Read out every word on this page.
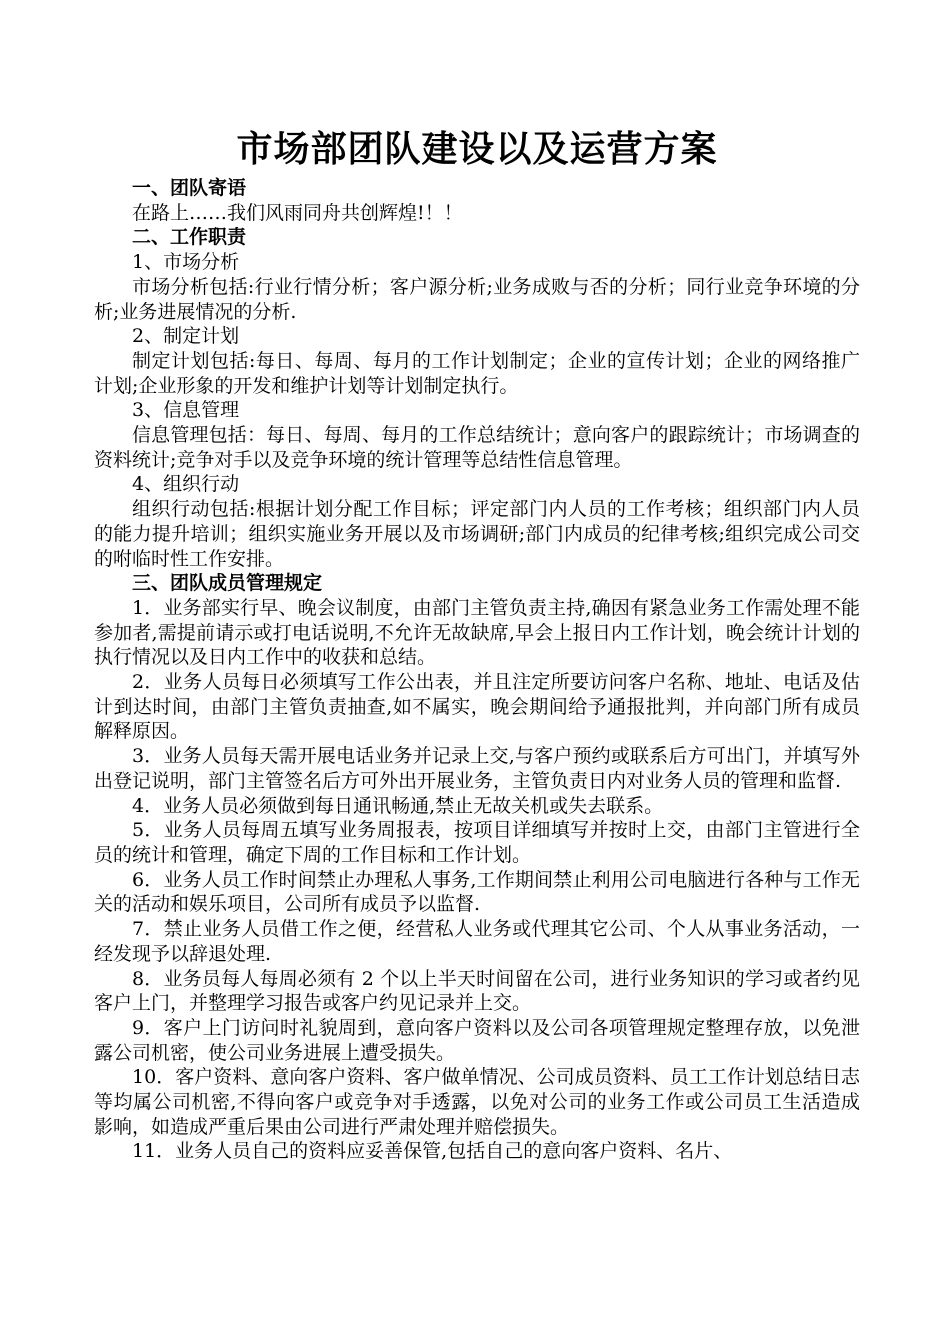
市场部团队建设以及运营方案

一、团队寄语

在路上……我们风雨同舟共创辉煌!！！

二、工作职责

1、市场分析

市场分析包括:行业行情分析；客户源分析;业务成败与否的分析；同行业竞争环境的分析;业务进展情况的分析.

2、制定计划

制定计划包括:每日、每周、每月的工作计划制定；企业的宣传计划；企业的网络推广计划;企业形象的开发和维护计划等计划制定执行。

3、信息管理

信息管理包括：每日、每周、每月的工作总结统计；意向客户的跟踪统计；市场调查的资料统计;竞争对手以及竞争环境的统计管理等总结性信息管理。

4、组织行动

组织行动包括:根据计划分配工作目标；评定部门内人员的工作考核；组织部门内人员的能力提升培训；组织实施业务开展以及市场调研;部门内成员的纪律考核;组织完成公司交的咐临时性工作安排。

三、团队成员管理规定

1．业务部实行早、晚会议制度，由部门主管负责主持,确因有紧急业务工作需处理不能参加者,需提前请示或打电话说明,不允许无故缺席,早会上报日内工作计划，晚会统计计划的执行情况以及日内工作中的收获和总结。

2．业务人员每日必须填写工作公出表，并且注定所要访问客户名称、地址、电话及估计到达时间，由部门主管负责抽查,如不属实，晚会期间给予通报批判，并向部门所有成员解释原因。

3．业务人员每天需开展电话业务并记录上交,与客户预约或联系后方可出门，并填写外出登记说明，部门主管签名后方可外出开展业务，主管负责日内对业务人员的管理和监督.

4．业务人员必须做到每日通讯畅通,禁止无故关机或失去联系。

5．业务人员每周五填写业务周报表，按项目详细填写并按时上交，由部门主管进行全员的统计和管理，确定下周的工作目标和工作计划。

6．业务人员工作时间禁止办理私人事务,工作期间禁止利用公司电脑进行各种与工作无关的活动和娱乐项目，公司所有成员予以监督.

7．禁止业务人员借工作之便，经营私人业务或代理其它公司、个人从事业务活动，一经发现予以辞退处理.

8．业务员每人每周必须有 2 个以上半天时间留在公司，进行业务知识的学习或者约见客户上门，并整理学习报告或客户约见记录并上交。

9．客户上门访问时礼貌周到，意向客户资料以及公司各项管理规定整理存放，以免泄露公司机密，使公司业务进展上遭受损失。

10．客户资料、意向客户资料、客户做单情况、公司成员资料、员工工作计划总结日志等均属公司机密,不得向客户或竞争对手透露，以免对公司的业务工作或公司员工生活造成影响，如造成严重后果由公司进行严肃处理并赔偿损失。

11．业务人员自己的资料应妥善保管,包括自己的意向客户资料、名片、
